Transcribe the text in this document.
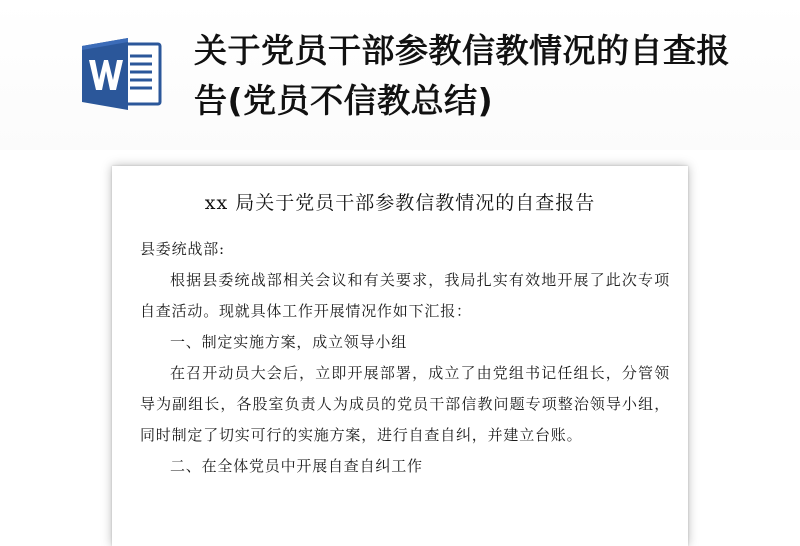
关于党员干部参教信教情况的自查报告(党员不信教总结)
xx 局关于党员干部参教信教情况的自查报告

县委统战部:

根据县委统战部相关会议和有关要求，我局扎实有效地开展了此次专项自查活动。现就具体工作开展情况作如下汇报：

一、制定实施方案，成立领导小组

在召开动员大会后，立即开展部署，成立了由党组书记任组长，分管领导为副组长，各股室负责人为成员的党员干部信教问题专项整治领导小组，同时制定了切实可行的实施方案，进行自查自纠，并建立台账。

二、在全体党员中开展自查自纠工作
